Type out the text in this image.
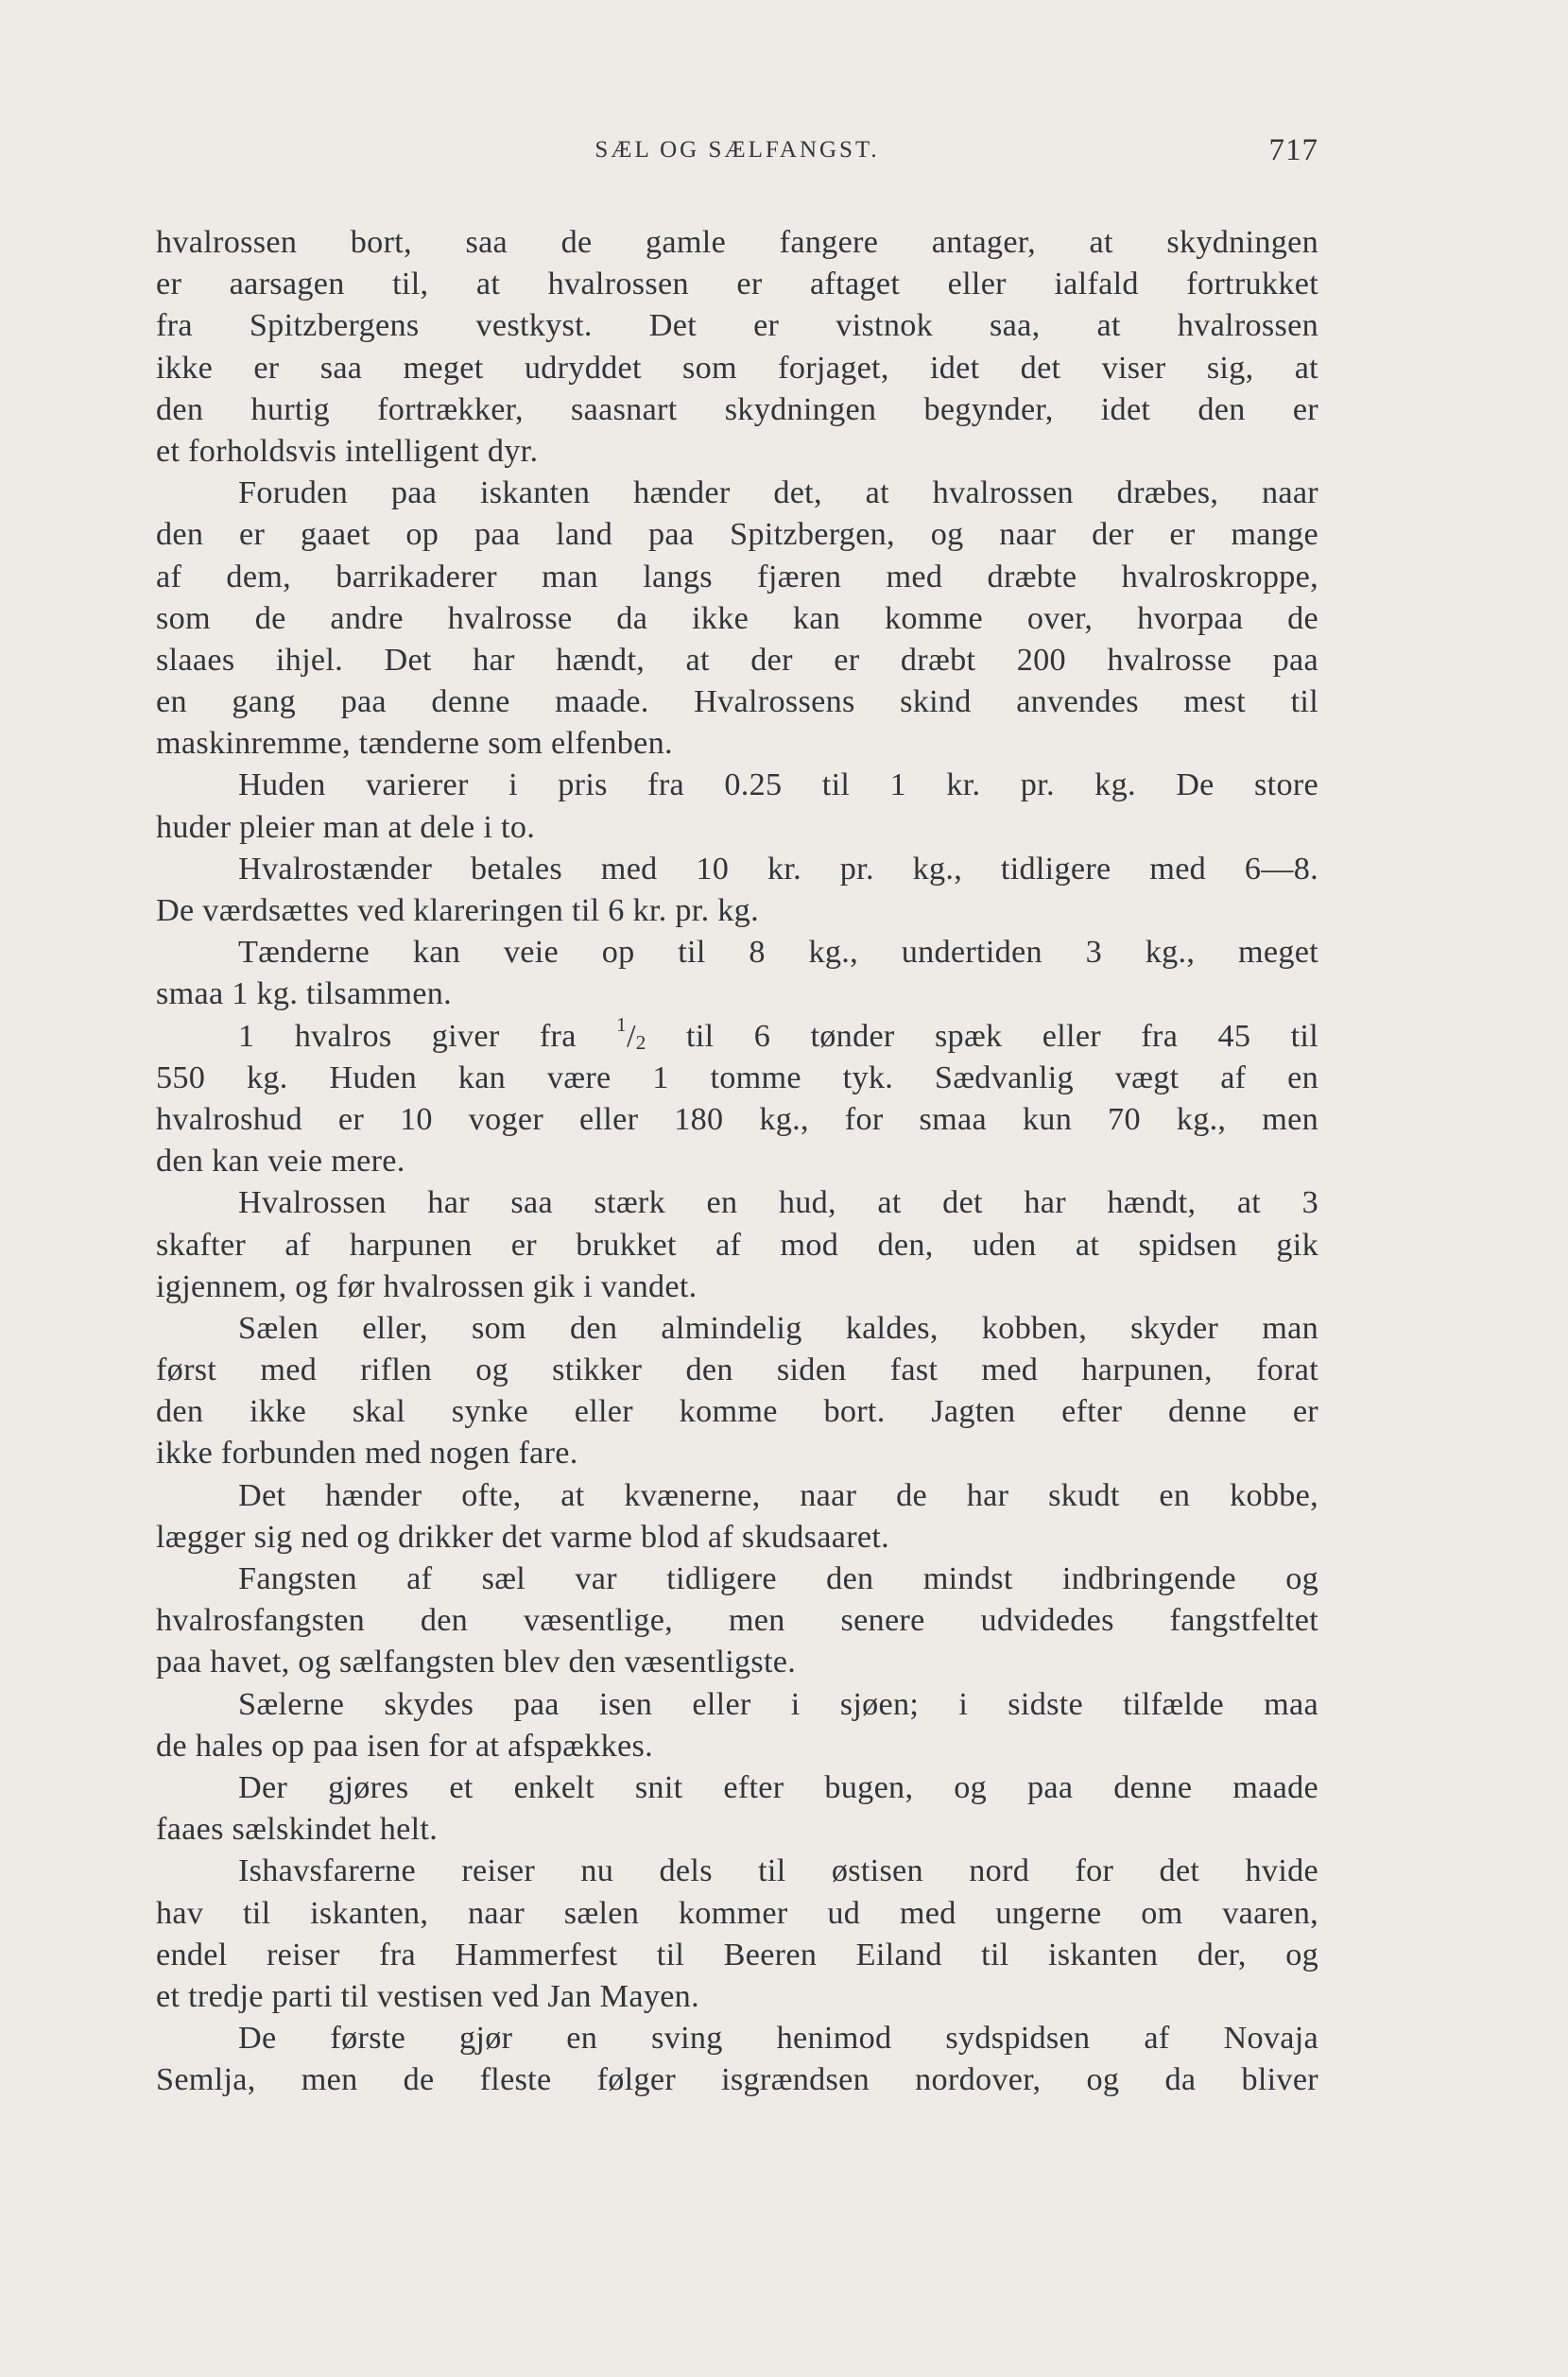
SÆL OG SÆLFANGST.	717
hvalrossen bort, saa de gamle fangere antager, at skydningen
er aarsagen til, at hvalrossen er aftaget eller ialfald fortrukket
fra Spitzbergens vestkyst. Det er vistnok saa, at hvalrossen
ikke er saa meget udryddet som forjaget, idet det viser sig, at
den hurtig fortrækker, saasnart skydningen begynder, idet den er
et forholdsvis intelligent dyr.
Foruden paa iskanten hænder det, at hvalrossen dræbes, naar
den er gaaet op paa land paa Spitzbergen, og naar der er mange
af dem, barrikaderer man langs fjæren med dræbte hvalroskroppe,
som de andre hvalrosse da ikke kan komme over, hvorpaa de
slaaes ihjel. Det har hændt, at der er dræbt 200 hvalrosse paa
en gang paa denne maade. Hvalrossens skind anvendes mest til
maskinremme, tænderne som elfenben.
Huden varierer i pris fra 0.25 til 1 kr. pr. kg. De store
huder pleier man at dele i to.
Hvalrostænder betales med 10 kr. pr. kg., tidligere med 6—8.
De værdsættes ved klareringen til 6 kr. pr. kg.
Tænderne kan veie op til 8 kg., undertiden 3 kg., meget
smaa 1 kg. tilsammen.
1 hvalros giver fra $^1/_2$ til 6 tønder spæk eller fra 45 til
550 kg. Huden kan være 1 tomme tyk. Sædvanlig vægt af en
hvalroshud er 10 voger eller 180 kg., for smaa kun 70 kg., men
den kan veie mere.
Hvalrossen har saa stærk en hud, at det har hændt, at 3
skafter af harpunen er brukket af mod den, uden at spidsen gik
igjennem, og før hvalrossen gik i vandet.
Sælen eller, som den almindelig kaldes, kobben, skyder man
først med riflen og stikker den siden fast med harpunen, forat
den ikke skal synke eller komme bort. Jagten efter denne er
ikke forbunden med nogen fare.
Det hænder ofte, at kvænerne, naar de har skudt en kobbe,
lægger sig ned og drikker det varme blod af skudsaaret.
Fangsten af sæl var tidligere den mindst indbringende og
hvalrosfangsten den væsentlige, men senere udvidedes fangstfeltet
paa havet, og sælfangsten blev den væsentligste.
Sælerne skydes paa isen eller i sjøen; i sidste tilfælde maa
de hales op paa isen for at afspækkes.
Der gjøres et enkelt snit efter bugen, og paa denne maade
faaes sælskindet helt.
Ishavsfarerne reiser nu dels til østisen nord for det hvide
hav til iskanten, naar sælen kommer ud med ungerne om vaaren,
endel reiser fra Hammerfest til Beeren Eiland til iskanten der, og
et tredje parti til vestisen ved Jan Mayen.
De første gjør en sving henimod sydspidsen af Novaja
Semlja, men de fleste følger isgrændsen nordover, og da bliver
